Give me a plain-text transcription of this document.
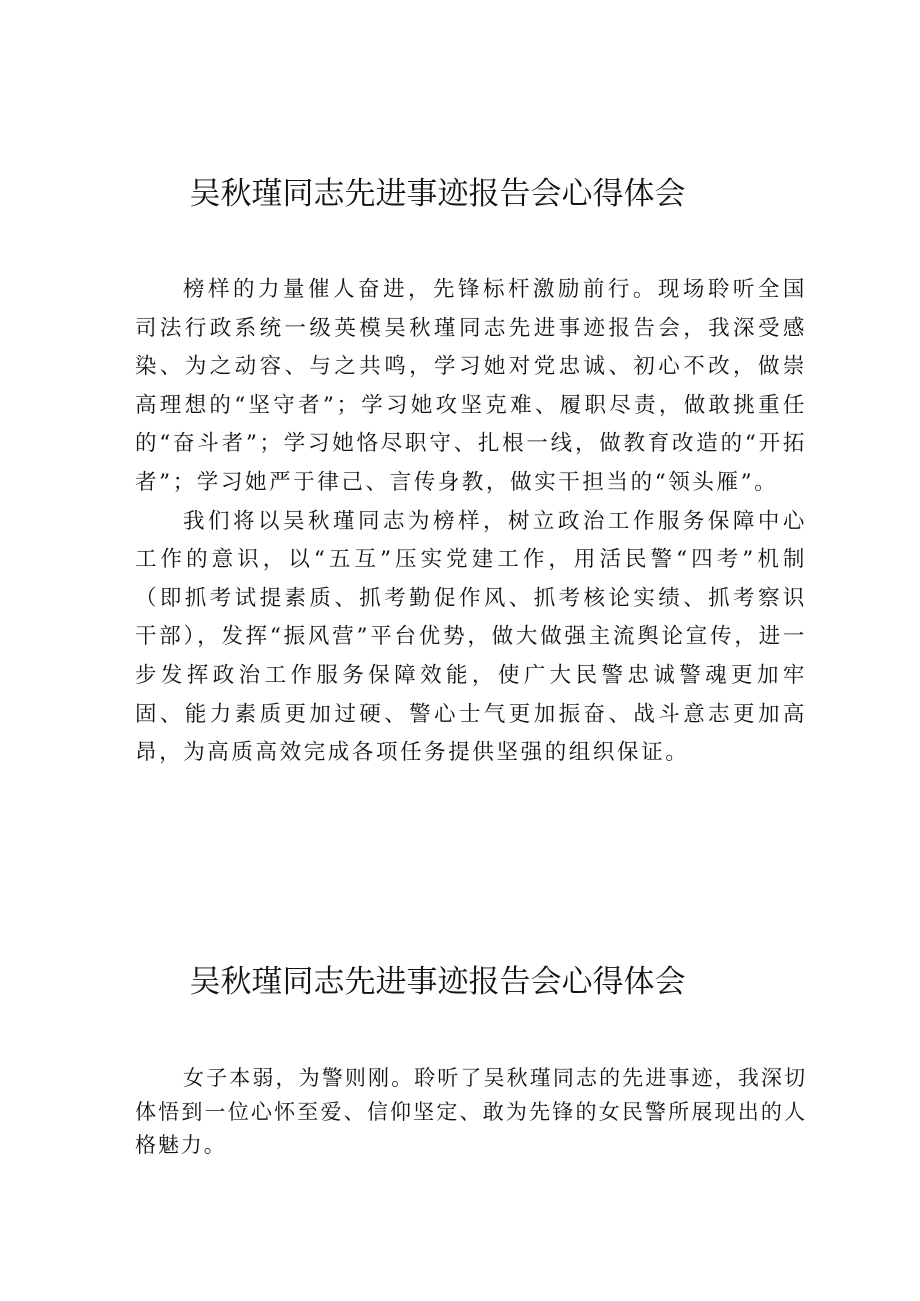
吴秋瑾同志先进事迹报告会心得体会

榜样的力量催人奋进，先锋标杆激励前行。现场聆听全国司法行政系统一级英模吴秋瑾同志先进事迹报告会，我深受感染、为之动容、与之共鸣，学习她对党忠诚、初心不改，做崇高理想的“坚守者”；学习她攻坚克难、履职尽责，做敢挑重任的“奋斗者”；学习她恪尽职守、扎根一线，做教育改造的“开拓者”；学习她严于律己、言传身教，做实干担当的“领头雁”。

我们将以吴秋瑾同志为榜样，树立政治工作服务保障中心工作的意识，以“五互”压实党建工作，用活民警“四考”机制（即抓考试提素质、抓考勤促作风、抓考核论实绩、抓考察识干部），发挥“振风营”平台优势，做大做强主流舆论宣传，进一步发挥政治工作服务保障效能，使广大民警忠诚警魂更加牢固、能力素质更加过硬、警心士气更加振奋、战斗意志更加高昂，为高质高效完成各项任务提供坚强的组织保证。

吴秋瑾同志先进事迹报告会心得体会

女子本弱，为警则刚。聆听了吴秋瑾同志的先进事迹，我深切体悟到一位心怀至爱、信仰坚定、敢为先锋的女民警所展现出的人格魅力。
